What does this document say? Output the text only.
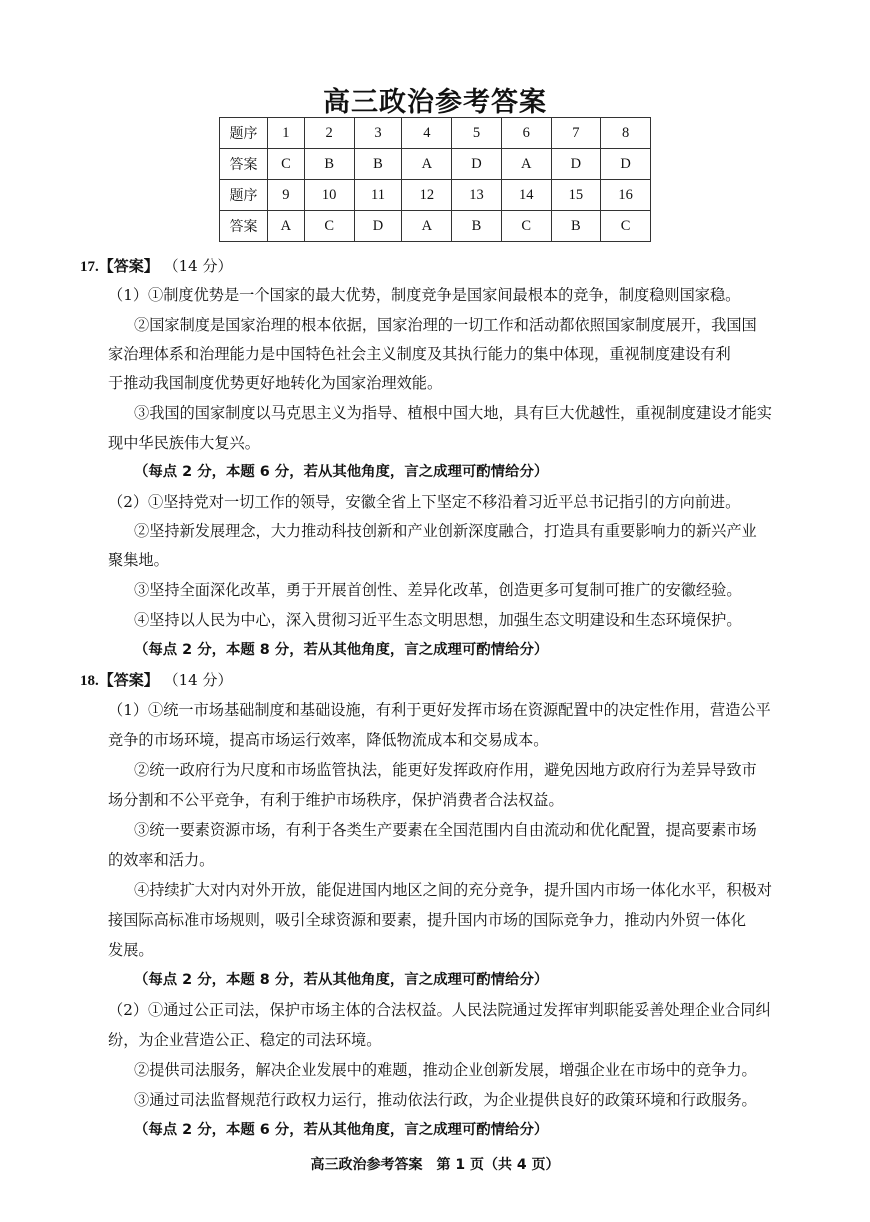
高三政治参考答案
题序	1	2	3	4	5	6	7	8
答案	C	B	B	A	D	A	D	D
题序	9	10	11	12	13	14	15	16
答案	A	C	D	A	B	C	B	C
17.【答案】 （14 分）
（1）①制度优势是一个国家的最大优势，制度竞争是国家间最根本的竞争，制度稳则国家稳。
②国家制度是国家治理的根本依据，国家治理的一切工作和活动都依照国家制度展开，我国国
家治理体系和治理能力是中国特色社会主义制度及其执行能力的集中体现，重视制度建设有利
于推动我国制度优势更好地转化为国家治理效能。
③我国的国家制度以马克思主义为指导、植根中国大地，具有巨大优越性，重视制度建设才能实
现中华民族伟大复兴。
（每点 2 分，本题 6 分，若从其他角度，言之成理可酌情给分）
（2）①坚持党对一切工作的领导，安徽全省上下坚定不移沿着习近平总书记指引的方向前进。
②坚持新发展理念，大力推动科技创新和产业创新深度融合，打造具有重要影响力的新兴产业
聚集地。
③坚持全面深化改革，勇于开展首创性、差异化改革，创造更多可复制可推广的安徽经验。
④坚持以人民为中心，深入贯彻习近平生态文明思想，加强生态文明建设和生态环境保护。
（每点 2 分，本题 8 分，若从其他角度，言之成理可酌情给分）
18.【答案】 （14 分）
（1）①统一市场基础制度和基础设施，有利于更好发挥市场在资源配置中的决定性作用，营造公平
竞争的市场环境，提高市场运行效率，降低物流成本和交易成本。
②统一政府行为尺度和市场监管执法，能更好发挥政府作用，避免因地方政府行为差异导致市
场分割和不公平竞争，有利于维护市场秩序，保护消费者合法权益。
③统一要素资源市场，有利于各类生产要素在全国范围内自由流动和优化配置，提高要素市场
的效率和活力。
④持续扩大对内对外开放，能促进国内地区之间的充分竞争，提升国内市场一体化水平，积极对
接国际高标准市场规则，吸引全球资源和要素，提升国内市场的国际竞争力，推动内外贸一体化
发展。
（每点 2 分，本题 8 分，若从其他角度，言之成理可酌情给分）
（2）①通过公正司法，保护市场主体的合法权益。人民法院通过发挥审判职能妥善处理企业合同纠
纷，为企业营造公正、稳定的司法环境。
②提供司法服务，解决企业发展中的难题，推动企业创新发展，增强企业在市场中的竞争力。
③通过司法监督规范行政权力运行，推动依法行政，为企业提供良好的政策环境和行政服务。
（每点 2 分，本题 6 分，若从其他角度，言之成理可酌情给分）
高三政治参考答案　第 1 页（共 4 页）
